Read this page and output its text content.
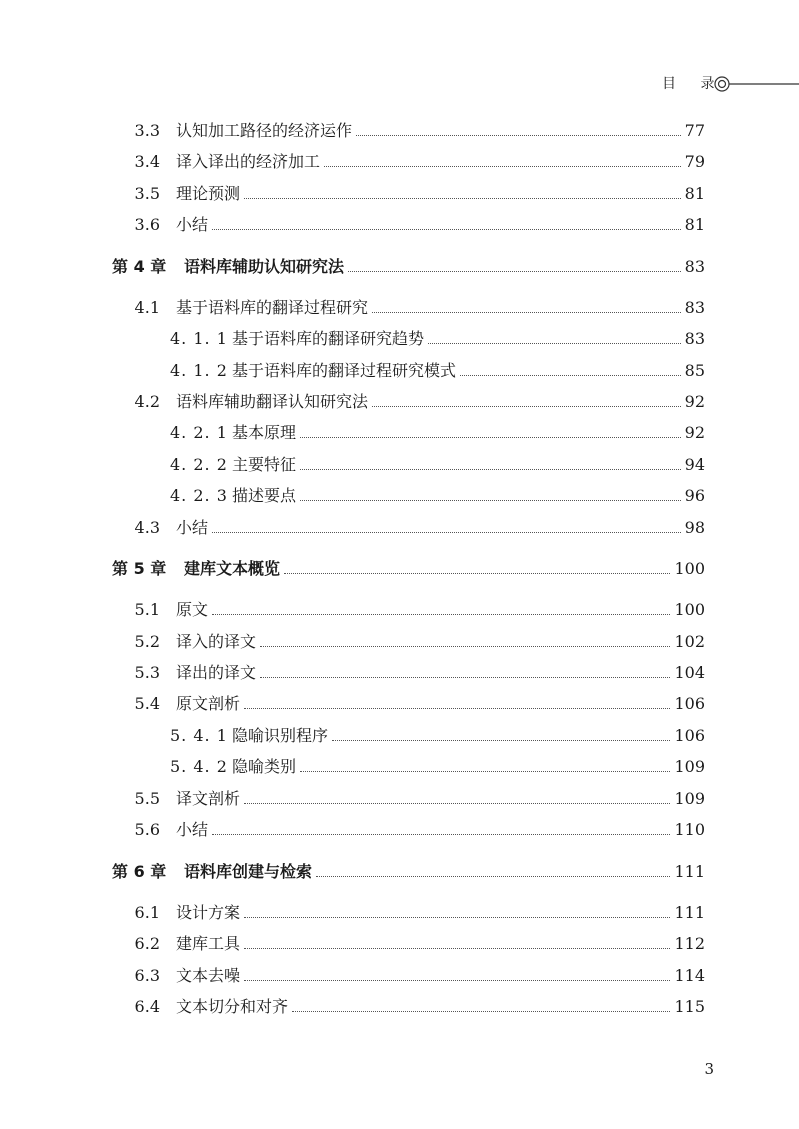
目 录
3.3 认知加工路径的经济运作	77
3.4 译入译出的经济加工	79
3.5 理论预测	81
3.6 小结	81
第 4 章	语料库辅助认知研究法	83
4.1 基于语料库的翻译过程研究	83
4. 1. 1 基于语料库的翻译研究趋势	83
4. 1. 2 基于语料库的翻译过程研究模式	85
4.2 语料库辅助翻译认知研究法	92
4. 2. 1 基本原理	92
4. 2. 2 主要特征	94
4. 2. 3 描述要点	96
4.3 小结	98
第 5 章	建库文本概览	100
5.1 原文	100
5.2 译入的译文	102
5.3 译出的译文	104
5.4 原文剖析	106
5. 4. 1 隐喻识别程序	106
5. 4. 2 隐喻类别	109
5.5 译文剖析	109
5.6 小结	110
第 6 章	语料库创建与检索	111
6.1 设计方案	111
6.2 建库工具	112
6.3 文本去噪	114
6.4 文本切分和对齐	115
3
